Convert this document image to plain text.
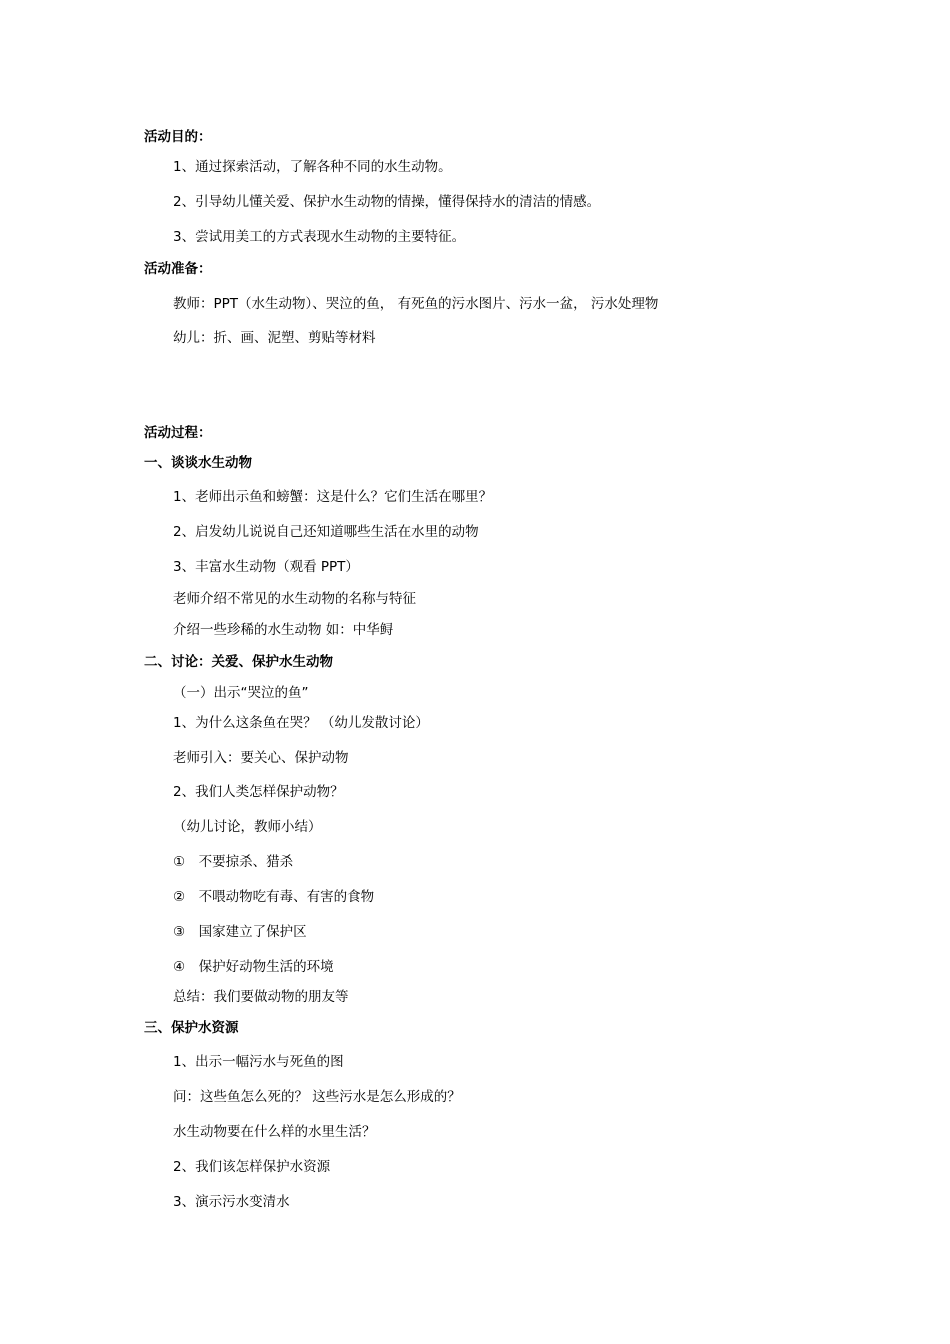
活动目的：

1、通过探索活动，了解各种不同的水生动物。

2、引导幼儿懂关爱、保护水生动物的情操，懂得保持水的清洁的情感。

3、尝试用美工的方式表现水生动物的主要特征。

活动准备：

教师：PPT（水生动物）、哭泣的鱼， 有死鱼的污水图片、污水一盆， 污水处理物

幼儿：折、画、泥塑、剪贴等材料

活动过程：

一、谈谈水生动物

1、老师出示鱼和螃蟹：这是什么？它们生活在哪里？

2、启发幼儿说说自己还知道哪些生活在水里的动物

3、丰富水生动物（观看 PPT）

老师介绍不常见的水生动物的名称与特征

介绍一些珍稀的水生动物 如：中华鲟

二、讨论：关爱、保护水生动物

（一）出示“哭泣的鱼”

1、为什么这条鱼在哭？ （幼儿发散讨论）

老师引入：要关心、保护动物

2、我们人类怎样保护动物？

（幼儿讨论，教师小结）

①　不要掠杀、猎杀

②　不喂动物吃有毒、有害的食物

③　国家建立了保护区

④　保护好动物生活的环境

总结：我们要做动物的朋友等

三、保护水资源

1、出示一幅污水与死鱼的图

问：这些鱼怎么死的？ 这些污水是怎么形成的？

水生动物要在什么样的水里生活？

2、我们该怎样保护水资源

3、演示污水变清水
